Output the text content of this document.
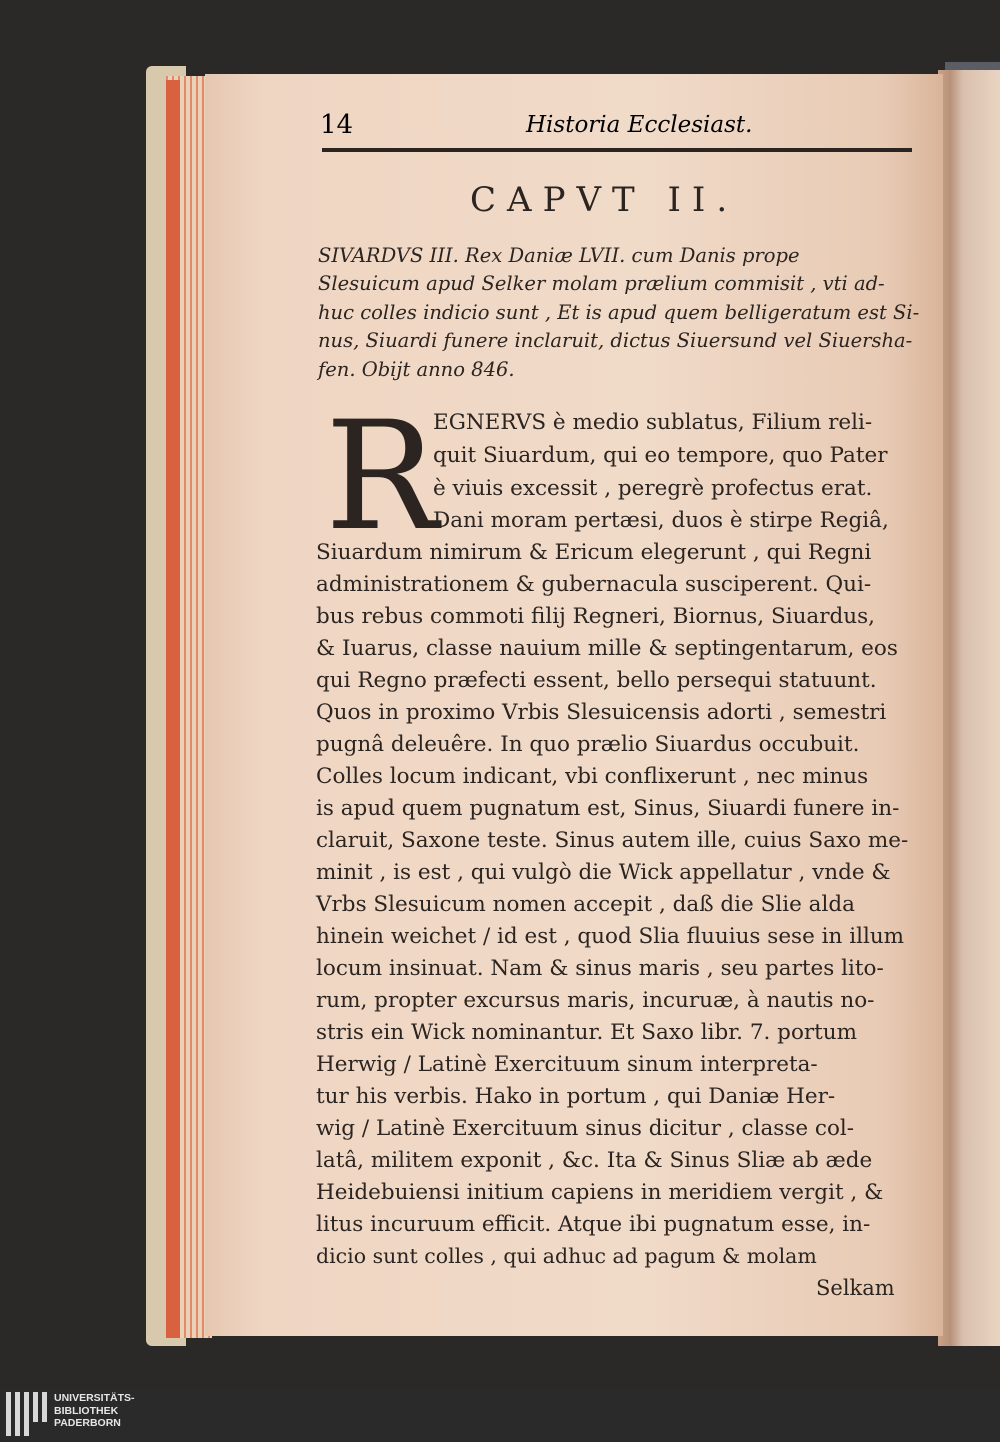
14	Historia Ecclesiast.
CAPVT II.
SIVARDVS III. Rex Daniæ LVII. cum Danis prope
Slesuicum apud Selker molam prælium commisit , vti ad-
huc colles indicio sunt , Et is apud quem belligeratum est Si-
nus, Siuardi funere inclaruit, dictus Siuersund vel Siuersha-
fen. Obijt anno 846.
R
EGNERVS è medio sublatus, Filium reli-
quit Siuardum, qui eo tempore, quo Pater
è viuis excessit , peregrè profectus erat.
Dani moram pertæsi, duos è stirpe Regiâ,
Siuardum nimirum & Ericum elegerunt , qui Regni
administrationem & gubernacula susciperent. Qui-
bus rebus commoti filij Regneri, Biornus, Siuardus,
& Iuarus, classe nauium mille & septingentarum, eos
qui Regno præfecti essent, bello persequi statuunt.
Quos in proximo Vrbis Slesuicensis adorti , semestri
pugnâ deleuêre. In quo prælio Siuardus occubuit.
Colles locum indicant, vbi conflixerunt , nec minus
is apud quem pugnatum est, Sinus, Siuardi funere in-
claruit, Saxone teste. Sinus autem ille, cuius Saxo me-
minit , is est , qui vulgò die Wick appellatur , vnde &
Vrbs Slesuicum nomen accepit , daß die Slie alda
hinein weichet / id est , quod Slia fluuius sese in illum
locum insinuat. Nam & sinus maris , seu partes lito-
rum, propter excursus maris, incuruæ, à nautis no-
stris ein Wick nominantur. Et Saxo libr. 7. portum
Herwig / Latinè Exercituum sinum interpreta-
tur his verbis. Hako in portum , qui Daniæ Her-
wig / Latinè Exercituum sinus dicitur , classe col-
latâ, militem exponit , &c. Ita & Sinus Sliæ ab æde
Heidebuiensi initium capiens in meridiem vergit , &
litus incuruum efficit. Atque ibi pugnatum esse, in-
dicio sunt colles , qui adhuc ad pagum & molam
Selkam
UNIVERSITÄTS-
BIBLIOTHEK
PADERBORN
